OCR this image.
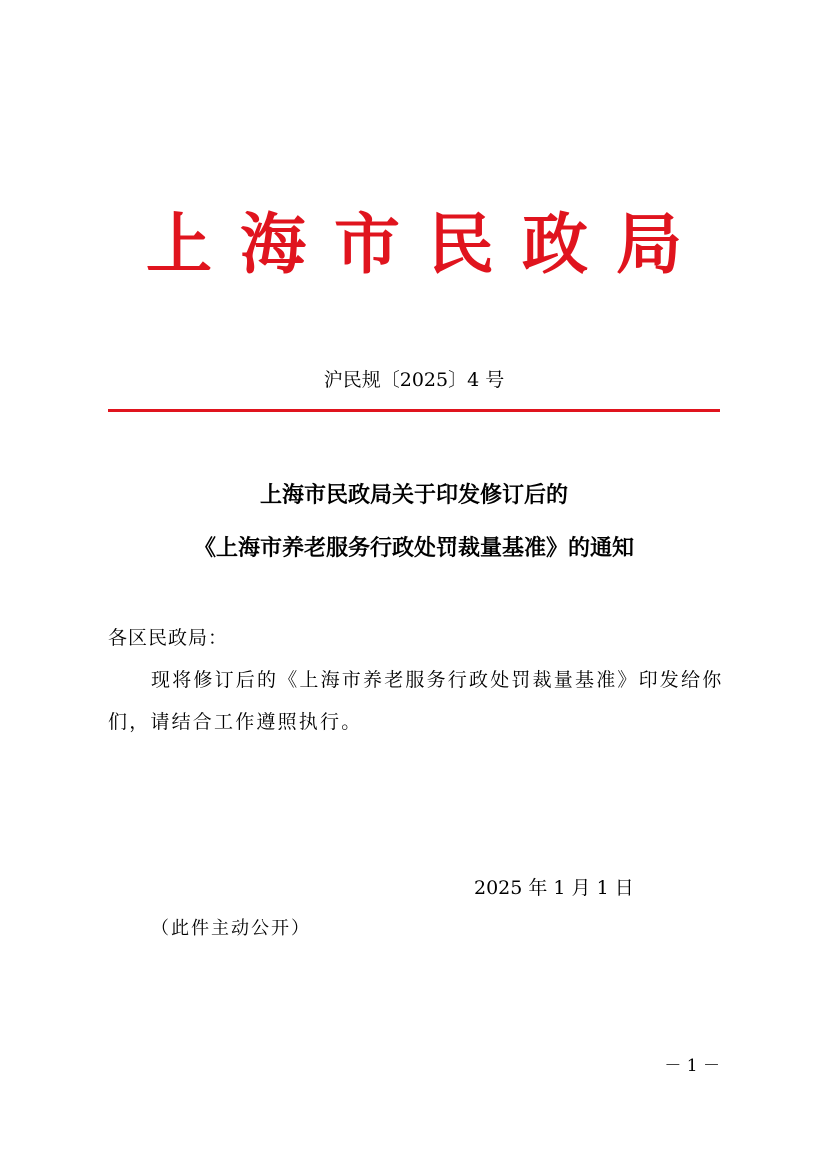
上海市民政局
沪民规〔2025〕4 号
上海市民政局关于印发修订后的
《上海市养老服务行政处罚裁量基准》的通知
各区民政局：
现将修订后的《上海市养老服务行政处罚裁量基准》印发给你
们，请结合工作遵照执行。
2025 年 1 月 1 日
（此件主动公开）
－ 1 －
